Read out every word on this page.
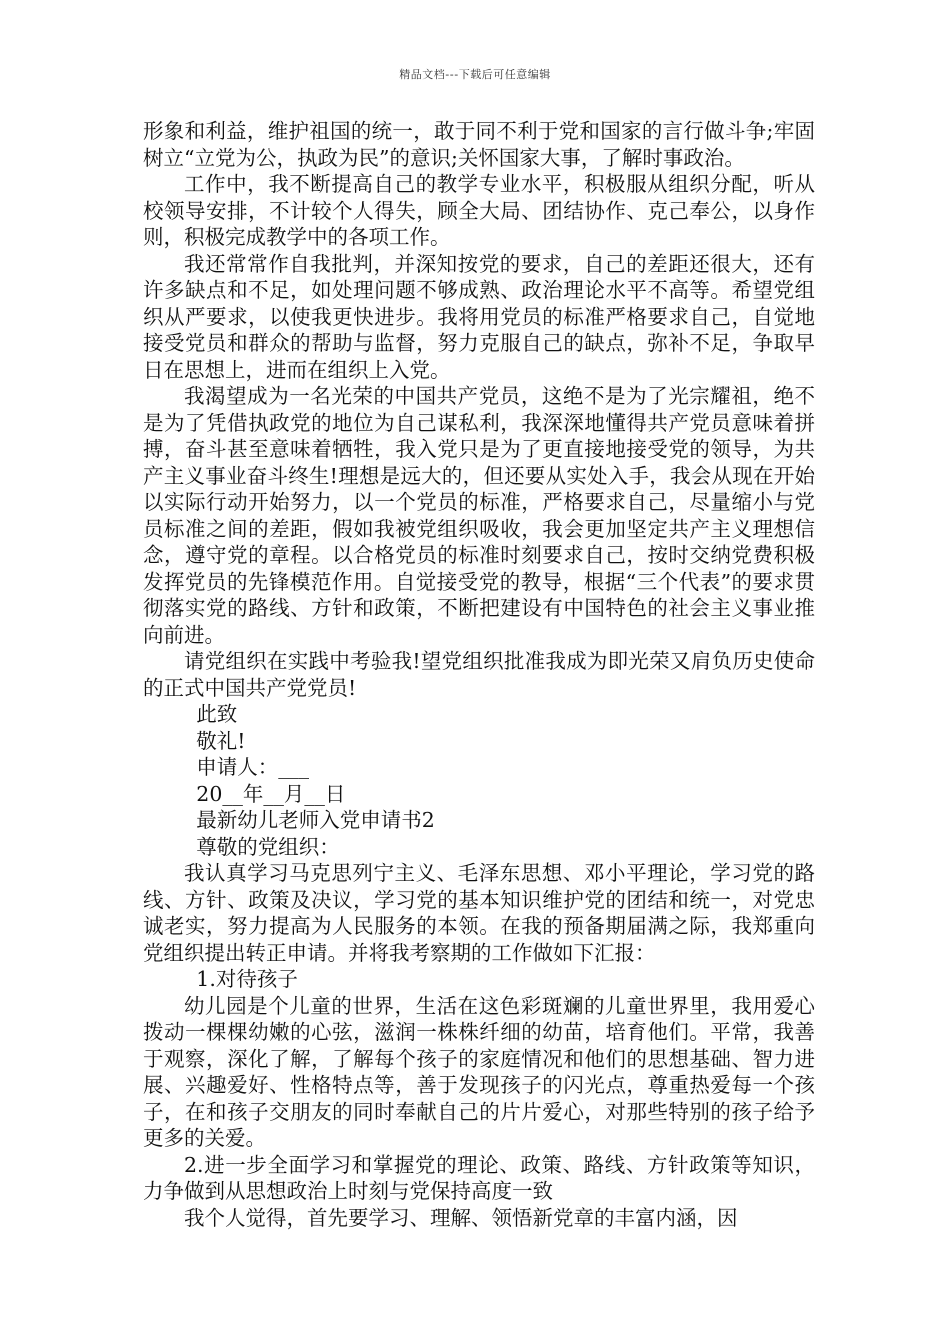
精品文档---下载后可任意编辑

形象和利益，维护祖国的统一，敢于同不利于党和国家的言行做斗争;牢固树立“立党为公，执政为民”的意识;关怀国家大事，了解时事政治。

工作中，我不断提高自己的教学专业水平，积极服从组织分配，听从校领导安排，不计较个人得失，顾全大局、团结协作、克己奉公，以身作则，积极完成教学中的各项工作。

我还常常作自我批判，并深知按党的要求，自己的差距还很大，还有许多缺点和不足，如处理问题不够成熟、政治理论水平不高等。希望党组织从严要求，以使我更快进步。我将用党员的标准严格要求自己，自觉地接受党员和群众的帮助与监督，努力克服自己的缺点，弥补不足，争取早日在思想上，进而在组织上入党。

我渴望成为一名光荣的中国共产党员，这绝不是为了光宗耀祖，绝不是为了凭借执政党的地位为自己谋私利，我深深地懂得共产党员意味着拼搏，奋斗甚至意味着牺牲，我入党只是为了更直接地接受党的领导，为共产主义事业奋斗终生!理想是远大的，但还要从实处入手，我会从现在开始以实际行动开始努力，以一个党员的标准，严格要求自己，尽量缩小与党员标准之间的差距，假如我被党组织吸收，我会更加坚定共产主义理想信念，遵守党的章程。以合格党员的标准时刻要求自己，按时交纳党费积极发挥党员的先锋模范作用。自觉接受党的教导，根据“三个代表”的要求贯彻落实党的路线、方针和政策，不断把建设有中国特色的社会主义事业推向前进。

请党组织在实践中考验我!望党组织批准我成为即光荣又肩负历史使命的正式中国共产党党员!

此致

敬礼!

申请人：___

20__年__月__日

最新幼儿老师入党申请书2

尊敬的党组织：

我认真学习马克思列宁主义、毛泽东思想、邓小平理论，学习党的路线、方针、政策及决议，学习党的基本知识维护党的团结和统一，对党忠诚老实，努力提高为人民服务的本领。在我的预备期届满之际，我郑重向党组织提出转正申请。并将我考察期的工作做如下汇报：

1.对待孩子

幼儿园是个儿童的世界，生活在这色彩斑斓的儿童世界里，我用爱心拨动一棵棵幼嫩的心弦，滋润一株株纤细的幼苗，培育他们。平常，我善于观察，深化了解，了解每个孩子的家庭情况和他们的思想基础、智力进展、兴趣爱好、性格特点等，善于发现孩子的闪光点，尊重热爱每一个孩子，在和孩子交朋友的同时奉献自己的片片爱心，对那些特别的孩子给予更多的关爱。

2.进一步全面学习和掌握党的理论、政策、路线、方针政策等知识，力争做到从思想政治上时刻与党保持高度一致

我个人觉得，首先要学习、理解、领悟新党章的丰富内涵，因
